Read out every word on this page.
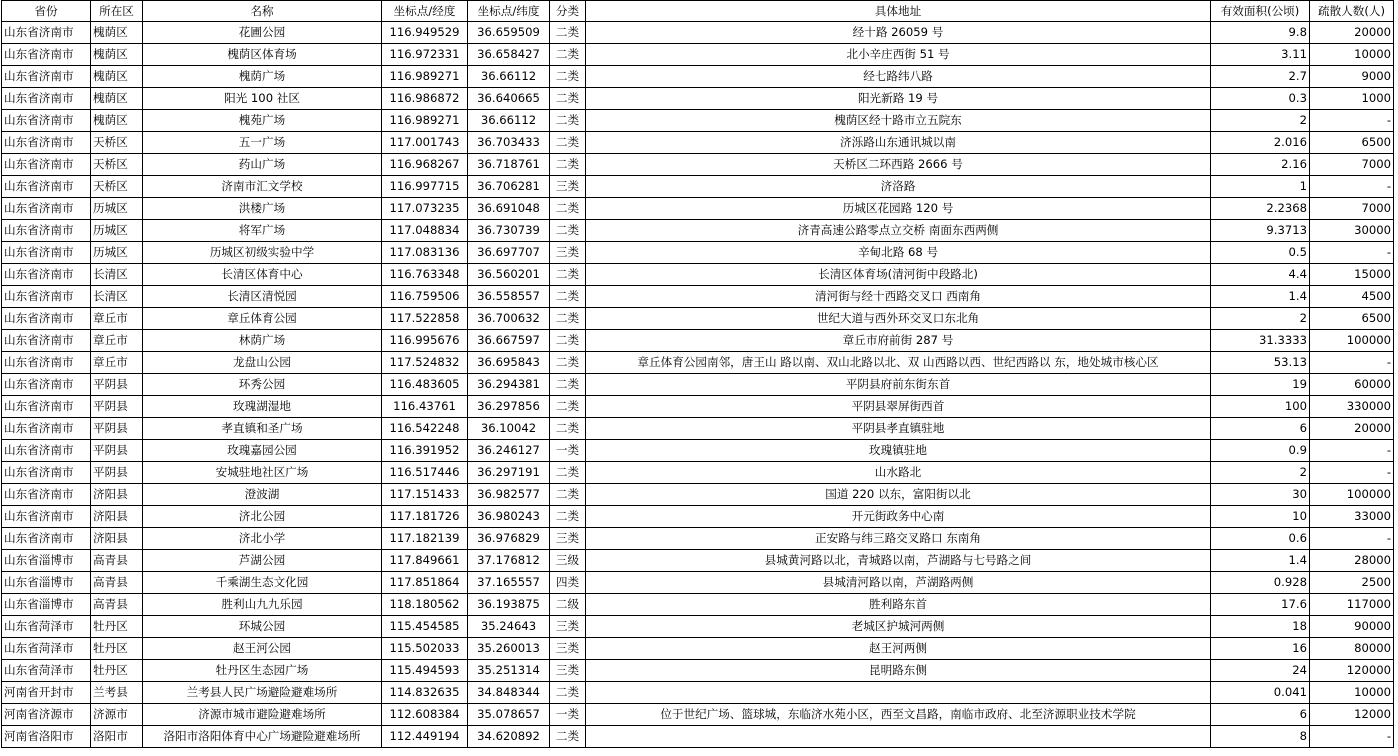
省份	所在区	名称	坐标点/经度	坐标点/纬度	分类	具体地址	有效面积(公顷)	疏散人数(人)
山东省济南市	槐荫区	花圃公园	116.949529	36.659509	二类	经十路 26059 号	9.8	20000
山东省济南市	槐荫区	槐荫区体育场	116.972331	36.658427	二类	北小辛庄西街 51 号	3.11	10000
山东省济南市	槐荫区	槐荫广场	116.989271	36.66112	二类	经七路纬八路	2.7	9000
山东省济南市	槐荫区	阳光 100 社区	116.986872	36.640665	二类	阳光新路 19 号	0.3	1000
山东省济南市	槐荫区	槐苑广场	116.989271	36.66112	二类	槐荫区经十路市立五院东	2	-
山东省济南市	天桥区	五一广场	117.001743	36.703433	二类	济泺路山东通讯城以南	2.016	6500
山东省济南市	天桥区	药山广场	116.968267	36.718761	二类	天桥区二环西路 2666 号	2.16	7000
山东省济南市	天桥区	济南市汇文学校	116.997715	36.706281	三类	济洛路	1	-
山东省济南市	历城区	洪楼广场	117.073235	36.691048	二类	历城区花园路 120 号	2.2368	7000
山东省济南市	历城区	将军广场	117.048834	36.730739	二类	济青高速公路零点立交桥 南面东西两侧	9.3713	30000
山东省济南市	历城区	历城区初级实验中学	117.083136	36.697707	三类	辛甸北路 68 号	0.5	-
山东省济南市	长清区	长清区体育中心	116.763348	36.560201	二类	长清区体育场(清河街中段路北)	4.4	15000
山东省济南市	长清区	长清区清悦园	116.759506	36.558557	二类	清河街与经十西路交叉口 西南角	1.4	4500
山东省济南市	章丘市	章丘体育公园	117.522858	36.700632	二类	世纪大道与西外环交叉口东北角	2	6500
山东省济南市	章丘市	林荫广场	116.995676	36.667597	二类	章丘市府前街 287 号	31.3333	100000
山东省济南市	章丘市	龙盘山公园	117.524832	36.695843	二类	章丘体育公园南邻，唐王山 路以南、双山北路以北、双 山西路以西、世纪西路以 东，地处城市核心区	53.13	-
山东省济南市	平阴县	环秀公园	116.483605	36.294381	二类	平阴县府前东街东首	19	60000
山东省济南市	平阴县	玫瑰湖湿地	116.43761	36.297856	二类	平阴县翠屏街西首	100	330000
山东省济南市	平阴县	孝直镇和圣广场	116.542248	36.10042	二类	平阴县孝直镇驻地	6	20000
山东省济南市	平阴县	玫瑰嘉园公园	116.391952	36.246127	一类	玫瑰镇驻地	0.9	-
山东省济南市	平阴县	安城驻地社区广场	116.517446	36.297191	二类	山水路北	2	-
山东省济南市	济阳县	澄波湖	117.151433	36.982577	二类	国道 220 以东，富阳街以北	30	100000
山东省济南市	济阳县	济北公园	117.181726	36.980243	二类	开元街政务中心南	10	33000
山东省济南市	济阳县	济北小学	117.182139	36.976829	三类	正安路与纬三路交叉路口 东南角	0.6	-
山东省淄博市	高青县	芦湖公园	117.849661	37.176812	三级	县城黄河路以北，青城路以南，芦湖路与七号路之间	1.4	28000
山东省淄博市	高青县	千乘湖生态文化园	117.851864	37.165557	四类	县城清河路以南，芦湖路两侧	0.928	2500
山东省淄博市	高青县	胜利山九九乐园	118.180562	36.193875	二级	胜利路东首	17.6	117000
山东省菏泽市	牡丹区	环城公园	115.454585	35.24643	三类	老城区护城河两侧	18	90000
山东省菏泽市	牡丹区	赵王河公园	115.502033	35.260013	三类	赵王河两侧	16	80000
山东省菏泽市	牡丹区	牡丹区生态园广场	115.494593	35.251314	三类	昆明路东侧	24	120000
河南省开封市	兰考县	兰考县人民广场避险避难场所	114.832635	34.848344	二类		0.041	10000
河南省济源市	济源市	济源市城市避险避难场所	112.608384	35.078657	一类	位于世纪广场、篮球城，东临济水苑小区，西至文昌路，南临市政府、北至济源职业技术学院	6	12000
河南省洛阳市	洛阳市	洛阳市洛阳体育中心广场避险避难场所	112.449194	34.620892	二类		8	-
